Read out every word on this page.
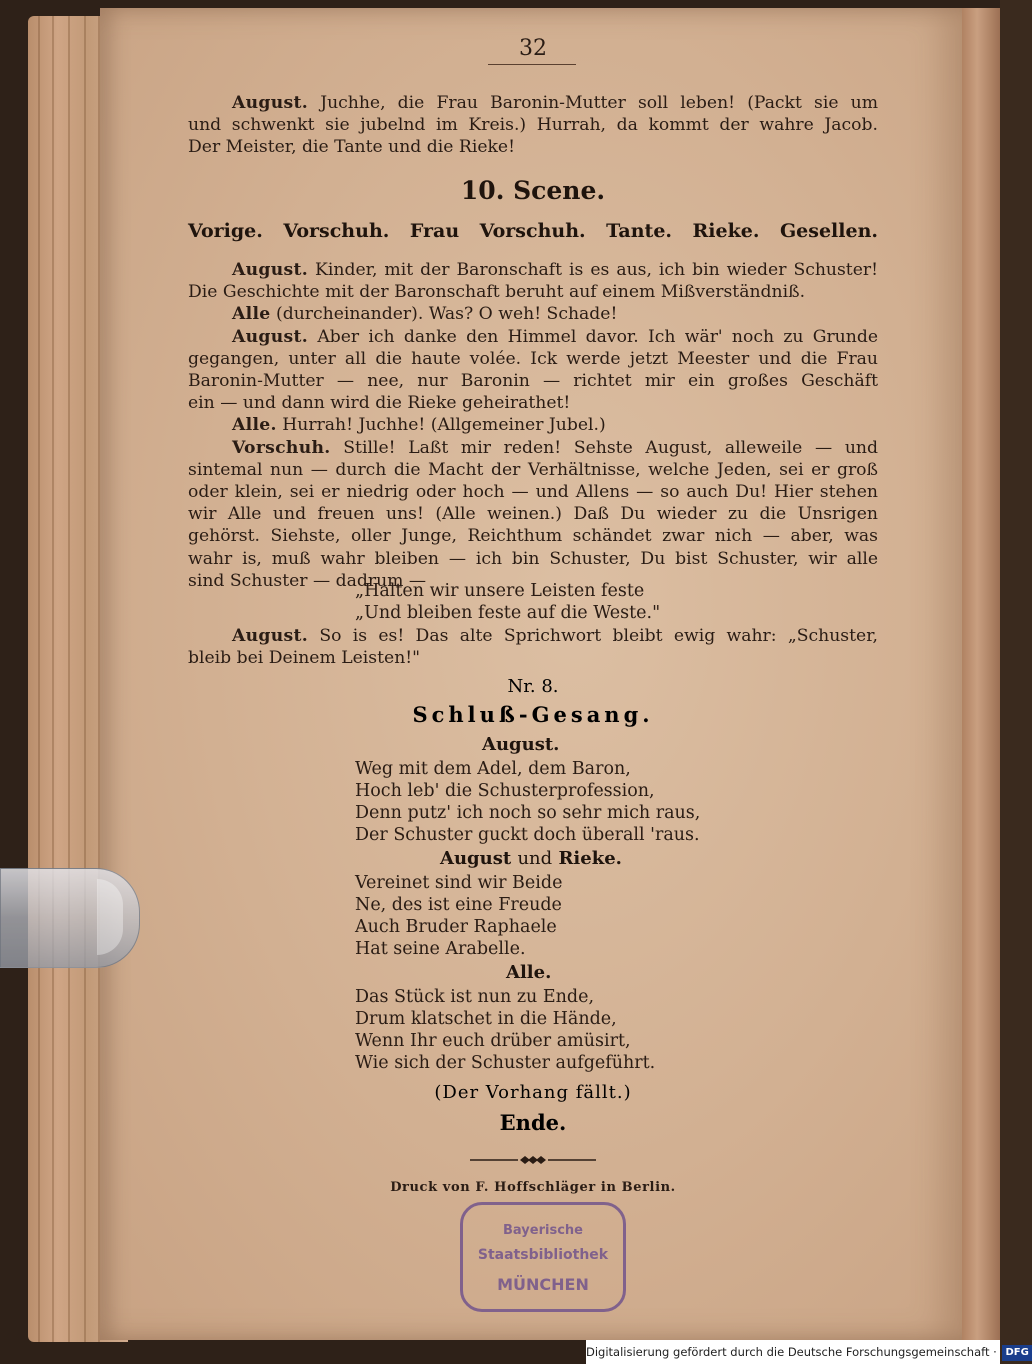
32

August. Juchhe, die Frau Baronin-Mutter soll leben! (Packt sie um

und schwenkt sie jubelnd im Kreis.) Hurrah, da kommt der wahre Jacob.

Der Meister, die Tante und die Rieke!

10. Scene.
Vorige. Vorschuh. Frau Vorschuh. Tante. Rieke. Gesellen.

August. Kinder, mit der Baronschaft is es aus, ich bin wieder Schuster!

Die Geschichte mit der Baronschaft beruht auf einem Mißverständniß.

Alle (durcheinander). Was? O weh! Schade!

August. Aber ich danke den Himmel davor. Ich wär' noch zu Grunde

gegangen, unter all die haute volée. Ick werde jetzt Meester und die Frau

Baronin-Mutter — nee, nur Baronin — richtet mir ein großes Geschäft

ein — und dann wird die Rieke geheirathet!

Alle. Hurrah! Juchhe! (Allgemeiner Jubel.)

Vorschuh. Stille! Laßt mir reden! Sehste August, alleweile — und

sintemal nun — durch die Macht der Verhältnisse, welche Jeden, sei er groß

oder klein, sei er niedrig oder hoch — und Allens — so auch Du! Hier stehen

wir Alle und freuen uns! (Alle weinen.) Daß Du wieder zu die Unsrigen

gehörst. Siehste, oller Junge, Reichthum schändet zwar nich — aber, was

wahr is, muß wahr bleiben — ich bin Schuster, Du bist Schuster, wir alle

sind Schuster — dadrum —

„Halten wir unsere Leisten feste
„Und bleiben feste auf die Weste."

August. So is es! Das alte Sprichwort bleibt ewig wahr: „Schuster,

bleib bei Deinem Leisten!"

Nr. 8.
Schluß-Gesang.
August.
Weg mit dem Adel, dem Baron,
Hoch leb' die Schusterprofession,
Denn putz' ich noch so sehr mich raus,
Der Schuster guckt doch überall 'raus.
August und Rieke.
Vereinet sind wir Beide
Ne, des ist eine Freude
Auch Bruder Raphaele
Hat seine Arabelle.
Alle.
Das Stück ist nun zu Ende,
Drum klatschet in die Hände,
Wenn Ihr euch drüber amüsirt,
Wie sich der Schuster aufgeführt.
(Der Vorhang fällt.)
Ende.
Druck von F. Hoffschläger in Berlin.
Bayerische
Staatsbibliothek
MÜNCHEN
Digitalisierung gefördert durch die Deutsche Forschungsgemeinschaft · DFG
